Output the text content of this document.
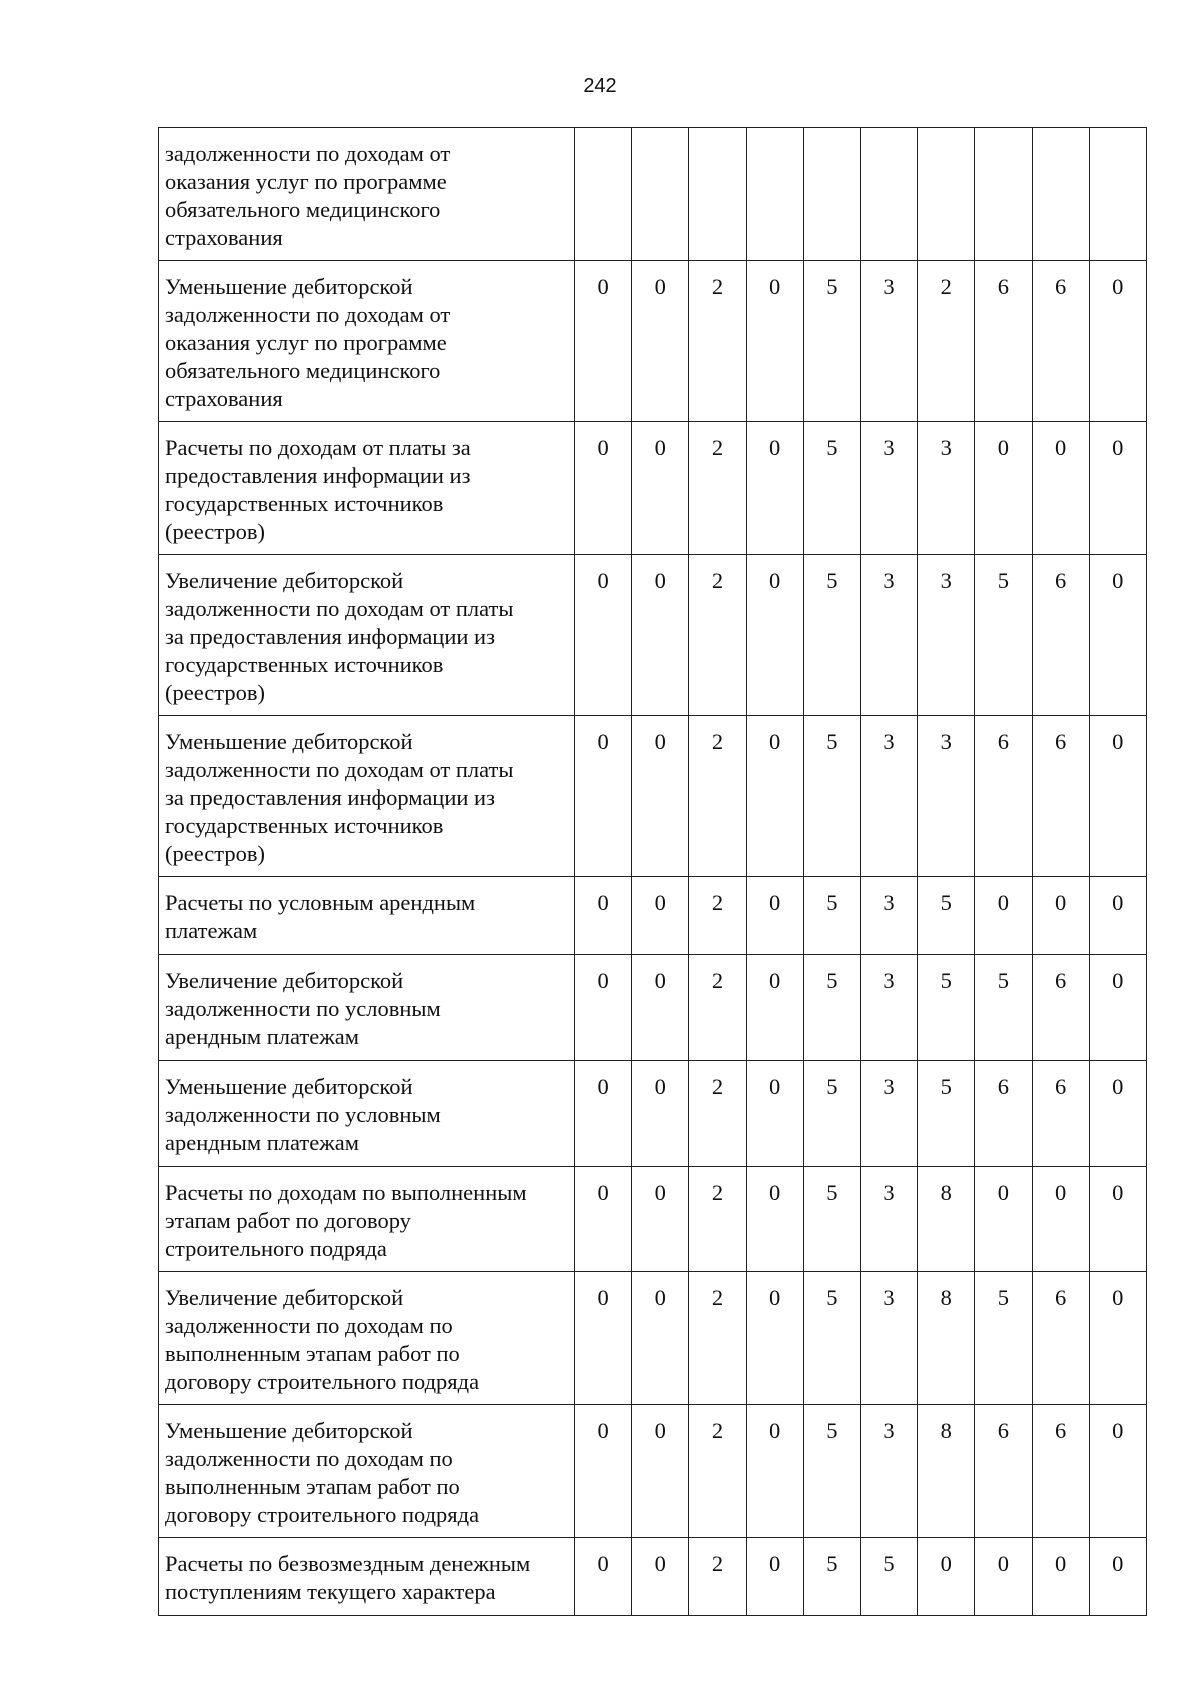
242
задолженности по доходам от
оказания услуг по программе
обязательного медицинского
страхования										

Уменьшение дебиторской
задолженности по доходам от
оказания услуг по программе
обязательного медицинского
страхования	0	0	2	0	5	3	2	6	6	0

Расчеты по доходам от платы за
предоставления информации из
государственных источников
(реестров)	0	0	2	0	5	3	3	0	0	0

Увеличение дебиторской
задолженности по доходам от платы
за предоставления информации из
государственных источников
(реестров)	0	0	2	0	5	3	3	5	6	0

Уменьшение дебиторской
задолженности по доходам от платы
за предоставления информации из
государственных источников
(реестров)	0	0	2	0	5	3	3	6	6	0

Расчеты по условным арендным
платежам	0	0	2	0	5	3	5	0	0	0

Увеличение дебиторской
задолженности по условным
арендным платежам	0	0	2	0	5	3	5	5	6	0

Уменьшение дебиторской
задолженности по условным
арендным платежам	0	0	2	0	5	3	5	6	6	0

Расчеты по доходам по выполненным
этапам работ по договору
строительного подряда	0	0	2	0	5	3	8	0	0	0

Увеличение дебиторской
задолженности по доходам по
выполненным этапам работ по
договору строительного подряда	0	0	2	0	5	3	8	5	6	0

Уменьшение дебиторской
задолженности по доходам по
выполненным этапам работ по
договору строительного подряда	0	0	2	0	5	3	8	6	6	0

Расчеты по безвозмездным денежным
поступлениям текущего характера	0	0	2	0	5	5	0	0	0	0
